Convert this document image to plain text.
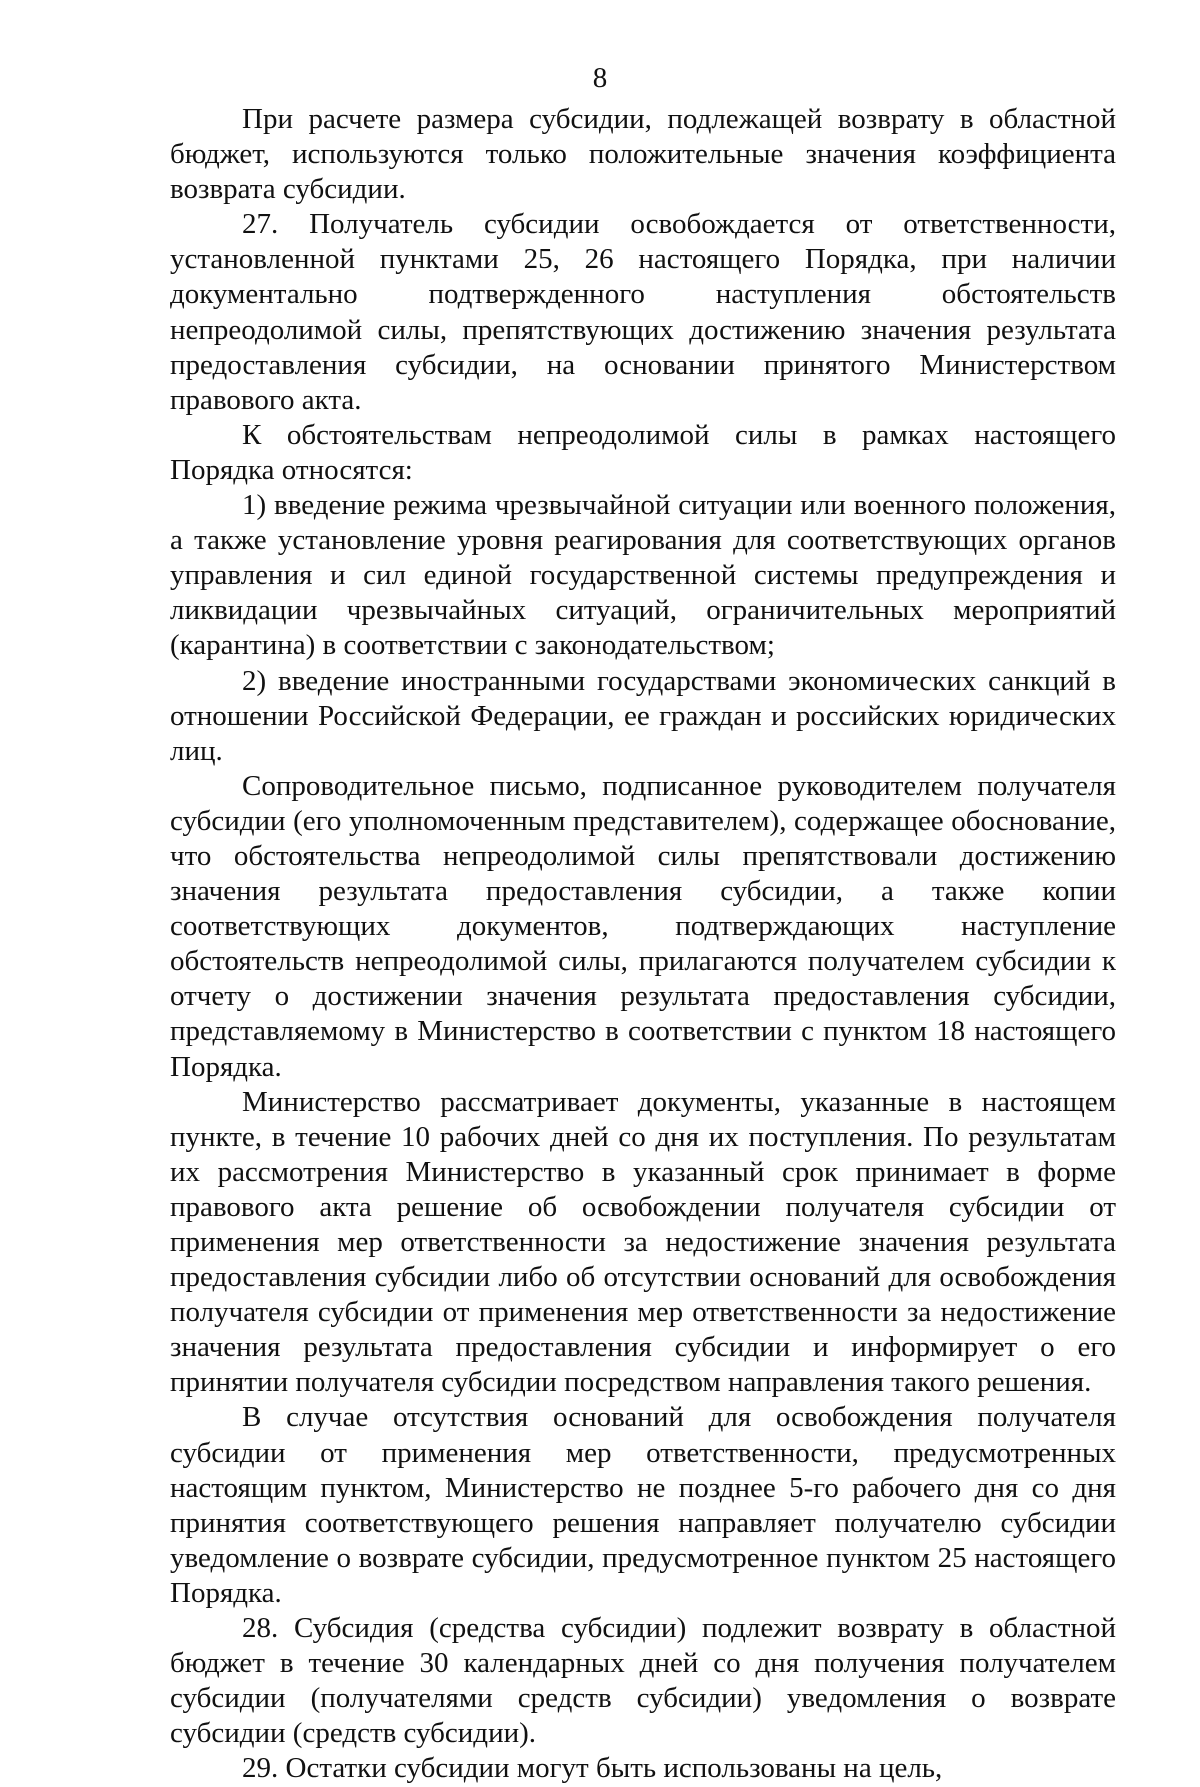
8

При расчете размера субсидии, подлежащей возврату в областной бюджет, используются только положительные значения коэффициента возврата субсидии.

27. Получатель субсидии освобождается от ответственности, установленной пунктами 25, 26 настоящего Порядка, при наличии документально подтвержденного наступления обстоятельств непреодолимой силы, препятствующих достижению значения результата предоставления субсидии, на основании принятого Министерством правового акта.

К обстоятельствам непреодолимой силы в рамках настоящего Порядка относятся:

1) введение режима чрезвычайной ситуации или военного положения, а также установление уровня реагирования для соответствующих органов управления и сил единой государственной системы предупреждения и ликвидации чрезвычайных ситуаций, ограничительных мероприятий (карантина) в соответствии с законодательством;

2) введение иностранными государствами экономических санкций в отношении Российской Федерации, ее граждан и российских юридических лиц.

Сопроводительное письмо, подписанное руководителем получателя субсидии (его уполномоченным представителем), содержащее обоснование, что обстоятельства непреодолимой силы препятствовали достижению значения результата предоставления субсидии, а также копии соответствующих документов, подтверждающих наступление обстоятельств непреодолимой силы, прилагаются получателем субсидии к отчету о достижении значения результата предоставления субсидии, представляемому в Министерство в соответствии с пунктом 18 настоящего Порядка.

Министерство рассматривает документы, указанные в настоящем пункте, в течение 10 рабочих дней со дня их поступления. По результатам их рассмотрения Министерство в указанный срок принимает в форме правового акта решение об освобождении получателя субсидии от применения мер ответственности за недостижение значения результата предоставления субсидии либо об отсутствии оснований для освобождения получателя субсидии от применения мер ответственности за недостижение значения результата предоставления субсидии и информирует о его принятии получателя субсидии посредством направления такого решения.

В случае отсутствия оснований для освобождения получателя субсидии от применения мер ответственности, предусмотренных настоящим пунктом, Министерство не позднее 5-го рабочего дня со дня принятия соответствующего решения направляет получателю субсидии уведомление о возврате субсидии, предусмотренное пунктом 25 настоящего Порядка.

28. Субсидия (средства субсидии) подлежит возврату в областной бюджет в течение 30 календарных дней со дня получения получателем субсидии (получателями средств субсидии) уведомления о возврате субсидии (средств субсидии).

29. Остатки субсидии могут быть использованы на цель,
